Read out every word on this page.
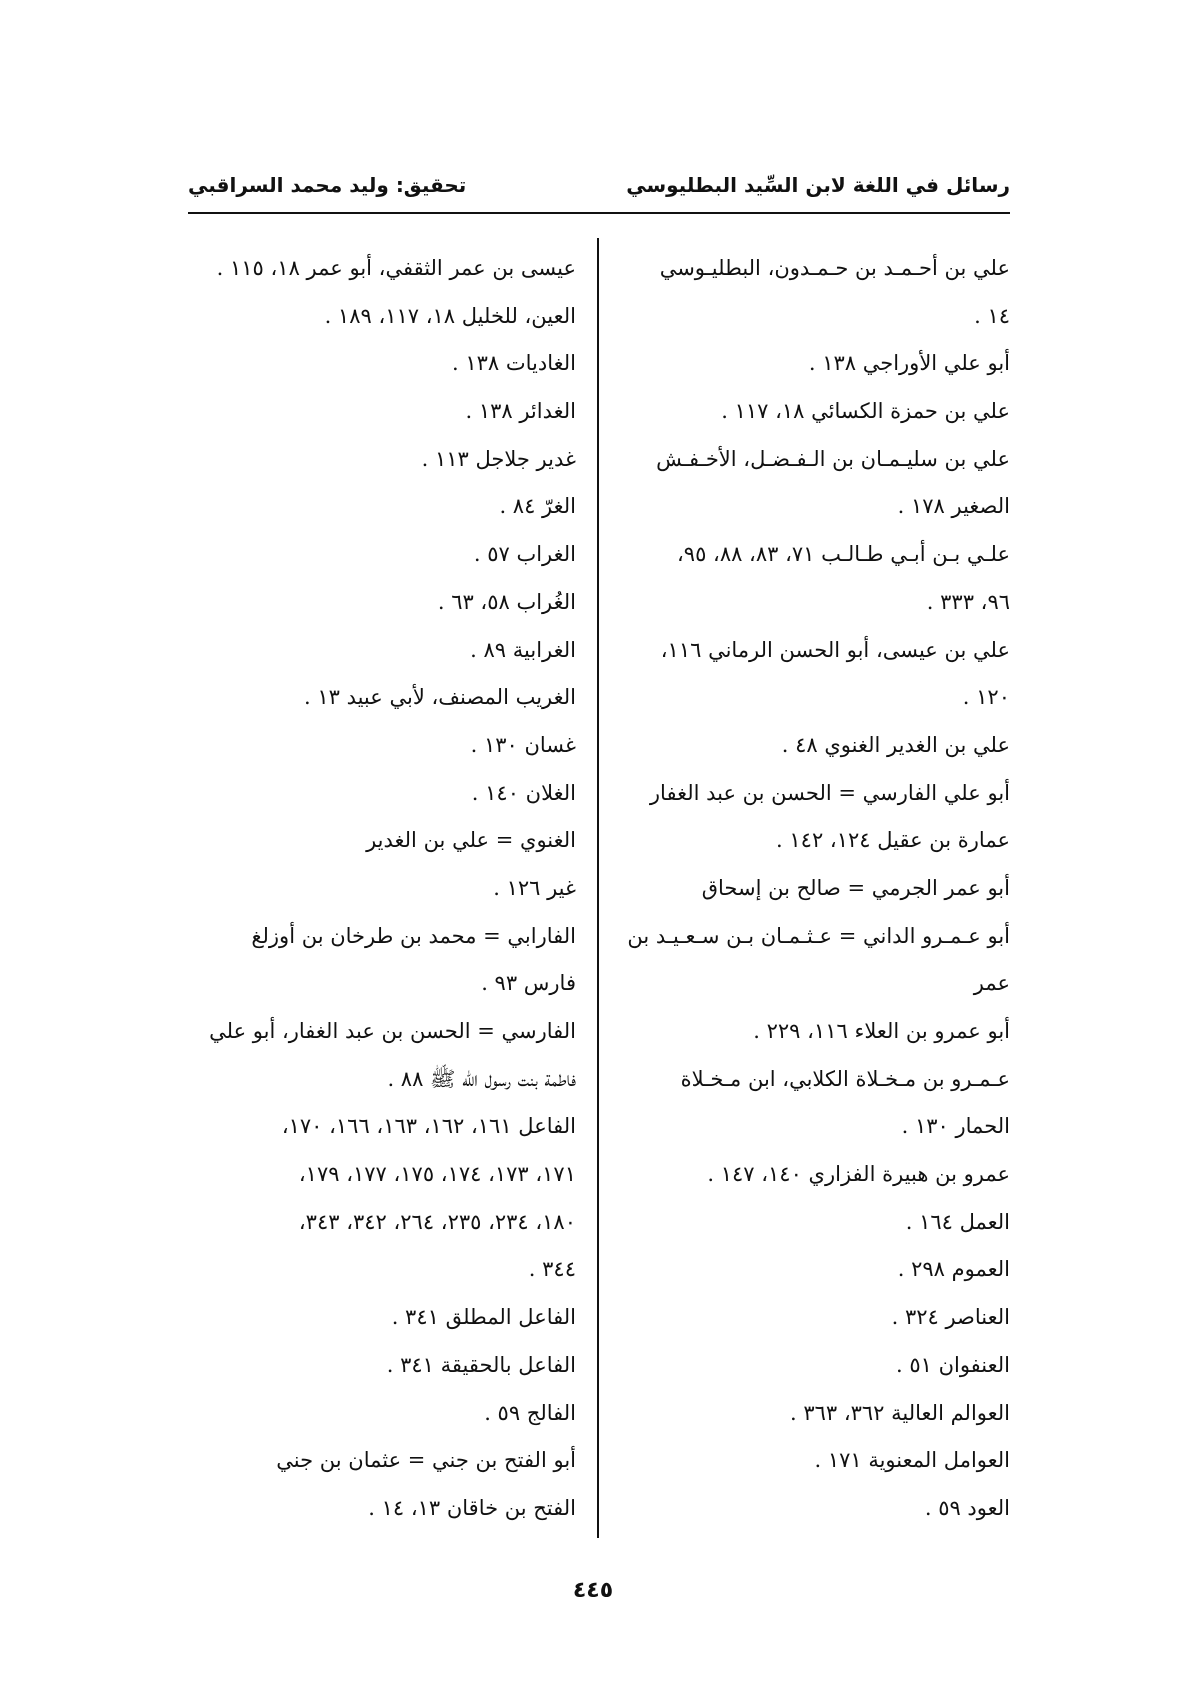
رسائل في اللغة لابن السِّيد البطليوسي
تحقيق: وليد محمد السراقبي
علي بن أحـمـد بن حـمـدون، البطليـوسي
١٤ .
أبو علي الأوراجي ١٣٨ .
علي بن حمزة الكسائي ١٨، ١١٧ .
علي بن سليـمـان بن الـفـضـل، الأخـفـش
الصغير ١٧٨ .
علـي بـن أبـي طـالـب ٧١، ٨٣، ٨٨، ٩٥،
٩٦، ٣٣٣ .
علي بن عيسى، أبو الحسن الرماني ١١٦،
١٢٠ .
علي بن الغدير الغنوي ٤٨ .
أبو علي الفارسي = الحسن بن عبد الغفار
عمارة بن عقيل ١٢٤، ١٤٢ .
أبو عمر الجرمي = صالح بن إسحاق
أبو عـمـرو الداني = عـثـمـان بـن سـعـيـد بن
عمر
أبو عمرو بن العلاء ١١٦، ٢٢٩ .
عـمـرو بن مـخـلاة الكلابي، ابن مـخـلاة
الحمار ١٣٠ .
عمرو بن هبيرة الفزاري ١٤٠، ١٤٧ .
العمل ١٦٤ .
العموم ٢٩٨ .
العناصر ٣٢٤ .
العنفوان ٥١ .
العوالم العالية ٣٦٢، ٣٦٣ .
العوامل المعنوية ١٧١ .
العود ٥٩ .
عيسى بن عمر الثقفي، أبو عمر ١٨، ١١٥ .
العين، للخليل ١٨، ١١٧، ١٨٩ .
الغاديات ١٣٨ .
الغدائر ١٣٨ .
غدير جلاجل ١١٣ .
الغرّ ٨٤ .
الغراب ٥٧ .
الغُراب ٥٨، ٦٣ .
الغرابية ٨٩ .
الغريب المصنف، لأبي عبيد ١٣ .
غسان ١٣٠ .
الغلان ١٤٠ .
الغنوي = علي بن الغدير
غير ١٢٦ .
الفارابي = محمد بن طرخان بن أوزلغ
فارس ٩٣ .
الفارسي = الحسن بن عبد الغفار، أبو علي
فاطمة بنت رسول الله ﷺ ٨٨ .
الفاعل ١٦١، ١٦٢، ١٦٣، ١٦٦، ١٧٠،
١٧١، ١٧٣، ١٧٤، ١٧٥، ١٧٧، ١٧٩،
١٨٠، ٢٣٤، ٢٣٥، ٢٦٤، ٣٤٢، ٣٤٣،
٣٤٤ .
الفاعل المطلق ٣٤١ .
الفاعل بالحقيقة ٣٤١ .
الفالج ٥٩ .
أبو الفتح بن جني = عثمان بن جني
الفتح بن خاقان ١٣، ١٤ .
٤٤٥
